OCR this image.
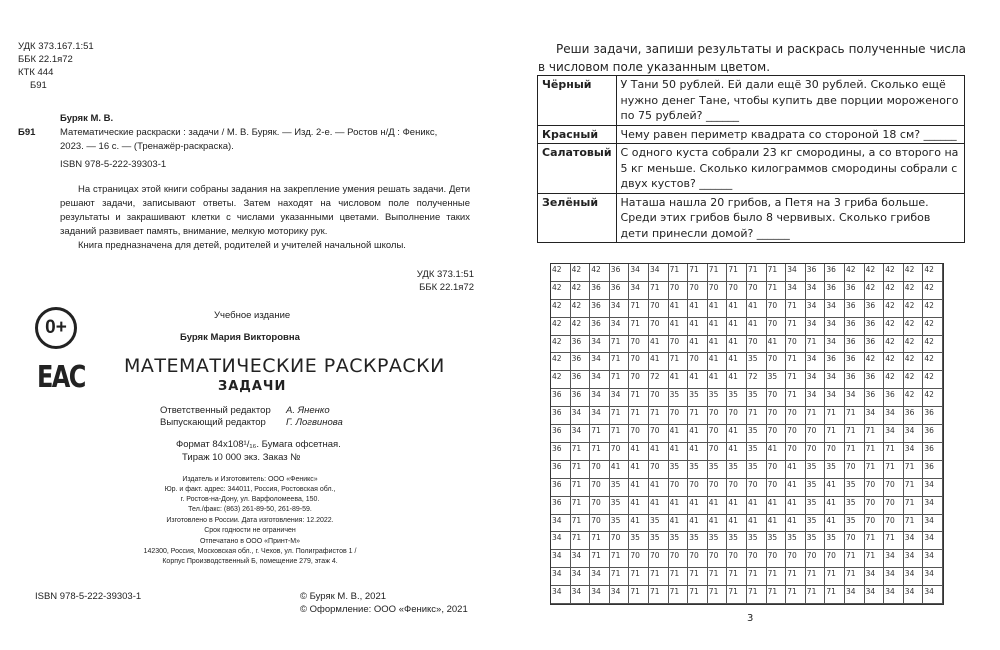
УДК 373.167.1:51
ББК 22.1я72
КТК 444
Б91
Буряк М. В.
Б91	Математические раскраски : задачи / М. В. Буряк. — Изд. 2-е. — Ростов н/Д : Феникс,
2023. — 16 с. — (Тренажёр-раскраска).
ISBN 978-5-222-39303-1
На страницах этой книги собраны задания на закрепление умения решать задачи. Дети решают задачи, записывают ответы. Затем находят на числовом поле полученные результаты и закрашивают клетки с числами указанными цветами. Выполнение таких заданий развивает память, внимание, мелкую моторику рук.
Книга предназначена для детей, родителей и учителей начальной школы.
УДК 373.1:51
ББК 22.1я72
Учебное издание
0+	Буряк Мария Викторовна
EAC МАТЕМАТИЧЕСКИЕ РАСКРАСКИ
ЗАДАЧИ
Ответственный редактор А. Яненко
Выпускающий редактор Г. Логвинова
Формат 84x108¹/₁₆. Бумага офсетная.
Тираж 10 000 экз. Заказ №
Издатель и Изготовитель: ООО «Феникс»
Юр. и факт. адрес: 344011, Россия, Ростовская обл.,
г. Ростов-на-Дону, ул. Варфоломеева, 150.
Тел./факс: (863) 261-89-50, 261-89-59.
Изготовлено в России. Дата изготовления: 12.2022.
Срок годности не ограничен
Отпечатано в ООО «Принт-М»
142300, Россия, Московская обл., г. Чехов, ул. Полиграфистов 1 /
Корпус Производственный Б, помещение 279, этаж 4.
ISBN 978-5-222-39303-1	© Буряк М. В., 2021
© Оформление: ООО «Феникс», 2021
Реши задачи, запиши результаты и раскрась полученные числа в числовом поле указанным цветом.
Чёрный	У Тани 50 рублей. Ей дали ещё 30 рублей. Сколько ещё нужно денег Тане, чтобы купить две порции мороженого по 75 рублей? ______
Красный	Чему равен периметр квадрата со стороной 18 см? ______
Салатовый	С одного куста собрали 23 кг смородины, а со второго на 5 кг меньше. Сколько килограммов смородины собрали с двух кустов? ______
Зелёный	Наташа нашла 20 грибов, а Петя на 3 гриба больше. Среди этих грибов было 8 червивых. Сколько грибов дети принесли домой? ______
3
42	42	42	36	34	34	71	71	71	71	71	71	34	36	36	42	42	42	42	42
42	42	36	36	34	71	70	70	70	70	70	71	34	34	36	36	42	42	42	42
42	42	36	34	71	70	41	41	41	41	41	70	71	34	34	36	36	42	42	42
42	42	36	34	71	70	41	41	41	41	41	70	71	34	34	36	36	42	42	42
42	36	34	71	70	41	70	41	41	41	70	41	70	71	34	36	36	42	42	42
42	36	34	71	70	41	71	70	41	41	35	70	71	34	36	36	42	42	42	42
42	36	34	71	70	72	41	41	41	41	72	35	71	34	34	36	36	42	42	42
36	36	34	34	71	70	35	35	35	35	35	70	71	34	34	34	36	36	42	42
36	34	34	71	71	71	70	71	70	70	71	70	70	71	71	71	34	34	36	36
36	34	71	71	70	70	41	41	70	41	35	70	70	70	71	71	71	34	34	36
36	71	71	70	41	41	41	41	70	41	35	41	70	70	70	71	71	71	34	36
36	71	70	41	41	70	35	35	35	35	35	70	41	35	35	70	71	71	71	36
36	71	70	35	41	41	70	70	70	70	70	70	41	35	41	35	70	70	71	34
36	71	70	35	41	41	41	41	41	41	41	41	41	35	41	35	70	70	71	34
34	71	70	35	41	35	41	41	41	41	41	41	41	35	41	35	70	70	71	34
34	71	71	70	35	35	35	35	35	35	35	35	35	35	35	70	71	71	34	34
34	34	71	71	70	70	70	70	70	70	70	70	70	70	70	71	71	34	34	34
34	34	34	71	71	71	71	71	71	71	71	71	71	71	71	71	34	34	34	34
34	34	34	34	71	71	71	71	71	71	71	71	71	71	71	34	34	34	34	34
